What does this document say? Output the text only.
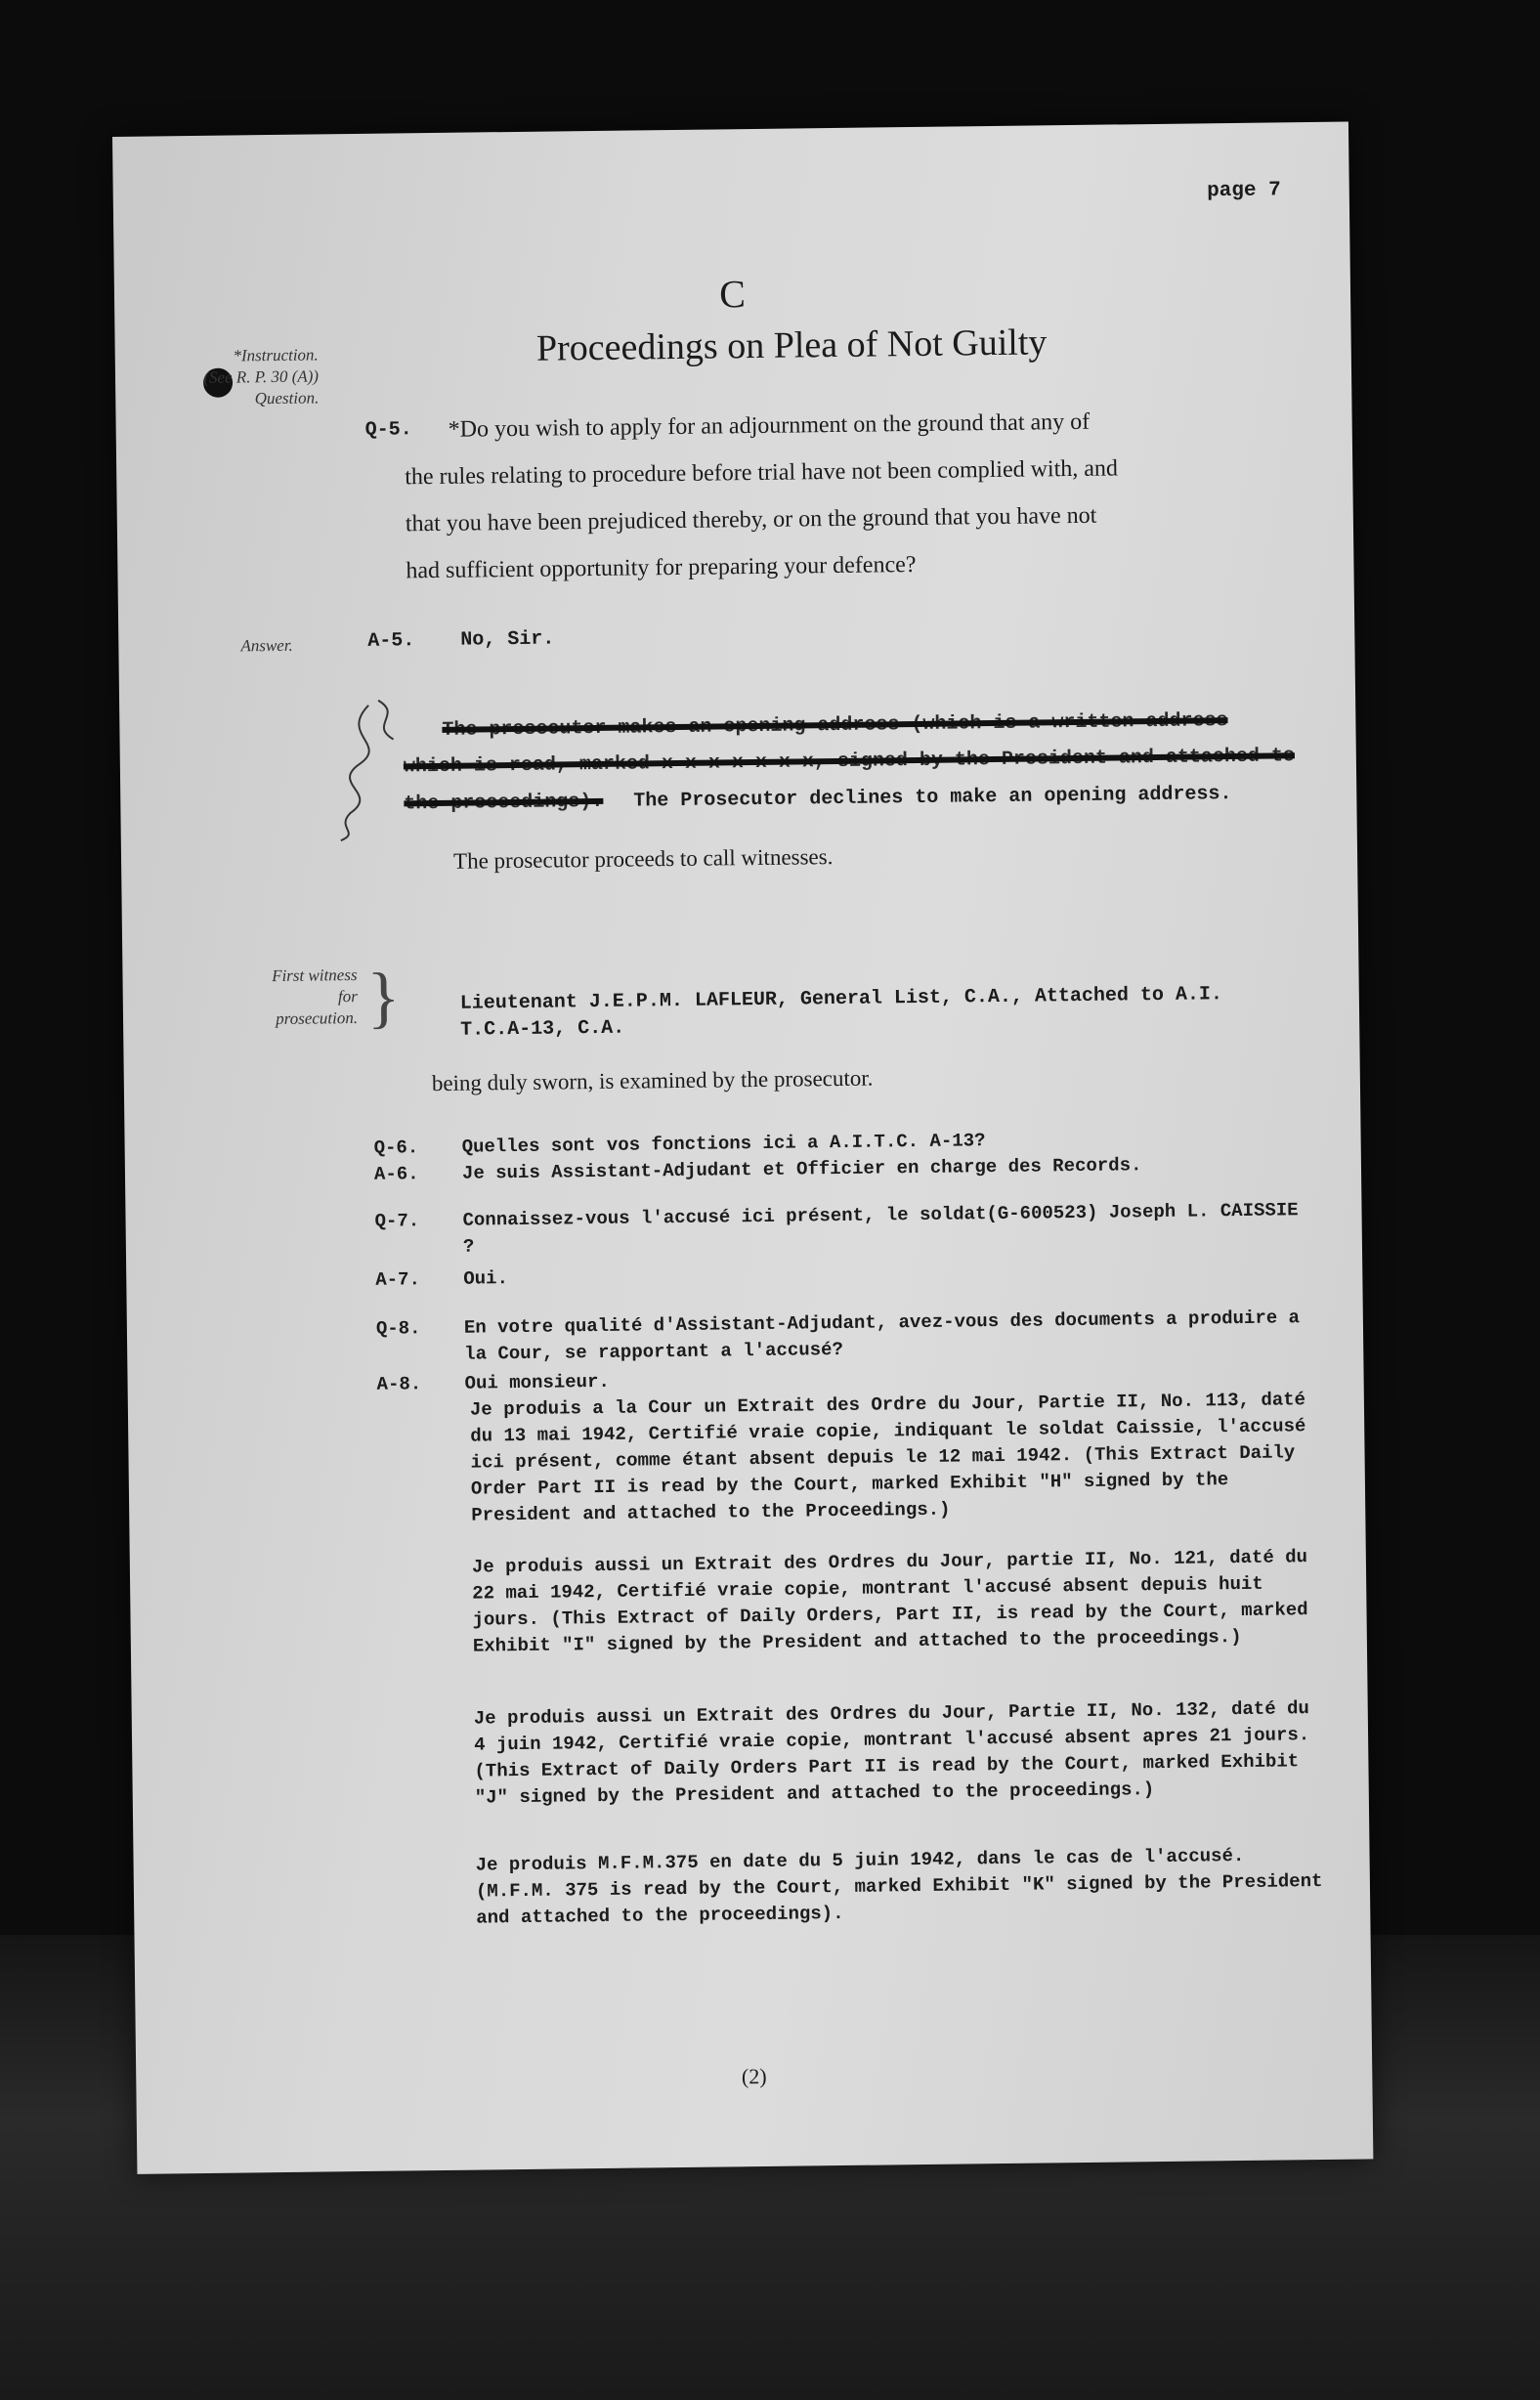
page 7
C
Proceedings on Plea of Not Guilty
*Instruction.
(See R. P. 30 (A))
Question.
Q-5.	*Do you wish to apply for an adjournment on the ground that any of
the rules relating to procedure before trial have not been complied with, and
that you have been prejudiced thereby, or on the ground that you have not
had sufficient opportunity for preparing your defence?
Answer.	A-5. No, Sir.
The prosecutor makes an opening address (which is a written address
which is read, marked x x x x x x x, signed by the President and attached to
the proceedings). The Prosecutor declines to make an opening address.
The prosecutor proceeds to call witnesses.
First witness
for
prosecution. }	Lieutenant J.E.P.M. LAFLEUR, General List, C.A., Attached to A.I.
T.C.A-13, C.A.
being duly sworn, is examined by the prosecutor.
Q-6.	Quelles sont vos fonctions ici a A.I.T.C. A-13?
A-6.	Je suis Assistant-Adjudant et Officier en charge des Records.
Q-7.	Connaissez-vous l'accusé ici présent, le soldat(G-600523) Joseph L. CAISSIE ?
A-7.	Oui.
Q-8.	En votre qualité d'Assistant-Adjudant, avez-vous des documents a produire a la Cour, se rapportant a l'accusé?
A-8.	Oui monsieur.
Je produis a la Cour un Extrait des Ordre du Jour, Partie II, No. 113, daté du 13 mai 1942, Certifié vraie copie, indiquant le soldat Caissie, l'accusé ici présent, comme étant absent depuis le 12 mai 1942. (This Extract Daily Order Part II is read by the Court, marked Exhibit "H" signed by the President and attached to the Proceedings.)
Je produis aussi un Extrait des Ordres du Jour, partie II, No. 121, daté du 22 mai 1942, Certifié vraie copie, montrant l'accusé absent depuis huit jours. (This Extract of Daily Orders, Part II, is read by the Court, marked Exhibit "I" signed by the President and attached to the proceedings.)
Je produis aussi un Extrait des Ordres du Jour, Partie II, No. 132, daté du 4 juin 1942, Certifié vraie copie, montrant l'accusé absent apres 21 jours. (This Extract of Daily Orders Part II is read by the Court, marked Exhibit "J" signed by the President and attached to the proceedings.)
Je produis M.F.M.375 en date du 5 juin 1942, dans le cas de l'accusé. (M.F.M. 375 is read by the Court, marked Exhibit "K" signed by the President and attached to the proceedings).
(2)
